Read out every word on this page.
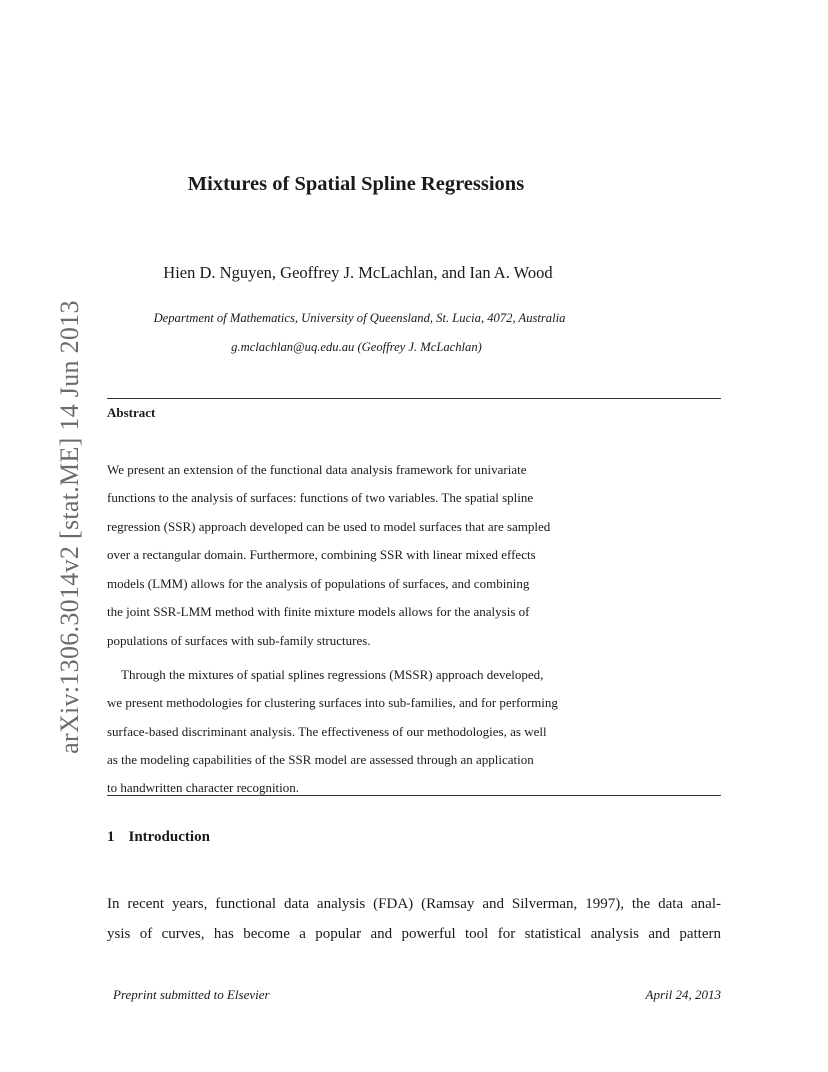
arXiv:1306.3014v2 [stat.ME] 14 Jun 2013
Mixtures of Spatial Spline Regressions

Hien D. Nguyen, Geoffrey J. McLachlan, and Ian A. Wood

Department of Mathematics, University of Queensland, St. Lucia, 4072, Australia

g.mclachlan@uq.edu.au (Geoffrey J. McLachlan)

Abstract

We present an extension of the functional data analysis framework for univariate

functions to the analysis of surfaces: functions of two variables. The spatial spline

regression (SSR) approach developed can be used to model surfaces that are sampled

over a rectangular domain. Furthermore, combining SSR with linear mixed effects

models (LMM) allows for the analysis of populations of surfaces, and combining

the joint SSR-LMM method with finite mixture models allows for the analysis of

populations of surfaces with sub-family structures.

Through the mixtures of spatial splines regressions (MSSR) approach developed,

we present methodologies for clustering surfaces into sub-families, and for performing

surface-based discriminant analysis. The effectiveness of our methodologies, as well

as the modeling capabilities of the SSR model are assessed through an application

to handwritten character recognition.

1 Introduction

In recent years, functional data analysis (FDA) (Ramsay and Silverman, 1997), the data anal-

ysis of curves, has become a popular and powerful tool for statistical analysis and pattern

Preprint submitted to Elsevier	April 24, 2013
